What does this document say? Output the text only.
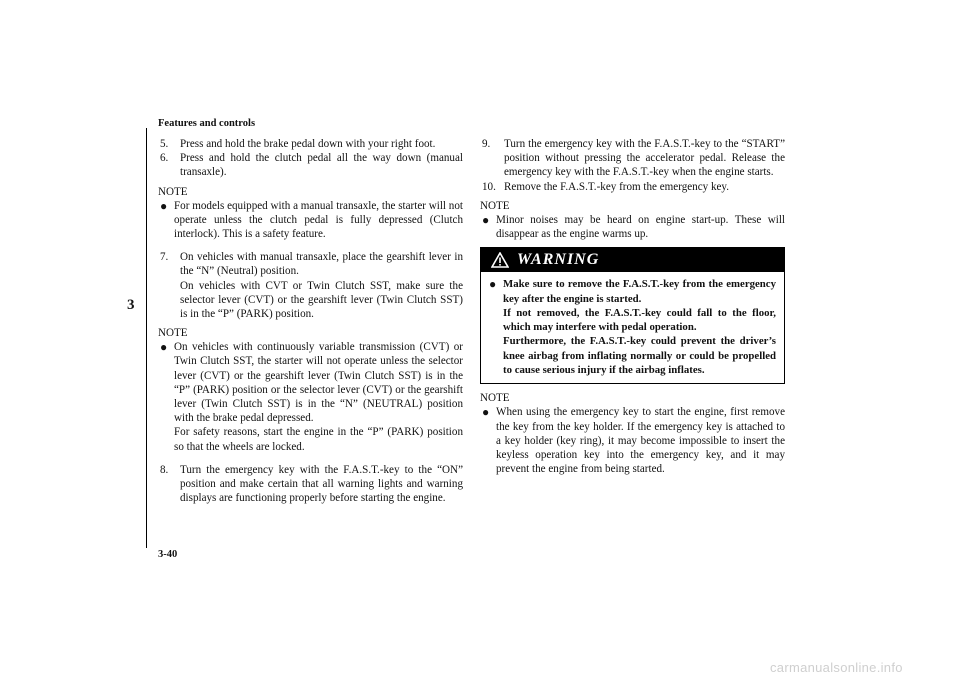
Features and controls
3
3-40
5.	Press and hold the brake pedal down with your right foot.
6.	Press and hold the clutch pedal all the way down (manual transaxle).
NOTE
● For models equipped with a manual transaxle, the starter will not operate unless the clutch pedal is fully depressed (Clutch interlock). This is a safety feature.

7.	On vehicles with manual transaxle, place the gearshift lever in the “N” (Neutral) position.

On vehicles with CVT or Twin Clutch SST, make sure the selector lever (CVT) or the gearshift lever (Twin Clutch SST) is in the “P” (PARK) position.

NOTE
● On vehicles with continuously variable transmission (CVT) or Twin Clutch SST, the starter will not operate unless the selector lever (CVT) or the gearshift lever (Twin Clutch SST) is in the “P” (PARK) position or the selector lever (CVT) or the gearshift lever (Twin Clutch SST) is in the “N” (NEUTRAL) position with the brake pedal depressed.

For safety reasons, start the engine in the “P” (PARK) position so that the wheels are locked.

8.	Turn the emergency key with the F.A.S.T.-key to the “ON” position and make certain that all warning lights and warning displays are functioning properly before starting the engine.
9.	Turn the emergency key with the F.A.S.T.-key to the “START” position without pressing the accelerator pedal. Release the emergency key with the F.A.S.T.-key when the engine starts.
10. Remove the F.A.S.T.-key from the emergency key.
NOTE
● Minor noises may be heard on engine start-up. These will disappear as the engine warms up.

WARNING
● Make sure to remove the F.A.S.T.-key from the emergency key after the engine is started.

If not removed, the F.A.S.T.-key could fall to the floor, which may interfere with pedal operation.

Furthermore, the F.A.S.T.-key could prevent the driver’s knee airbag from inflating normally or could be propelled to cause serious injury if the airbag inflates.

NOTE
● When using the emergency key to start the engine, first remove the key from the key holder. If the emergency key is attached to a key holder (key ring), it may become impossible to insert the keyless operation key into the emergency key, and it may prevent the engine from being started.

carmanualsonline.info
